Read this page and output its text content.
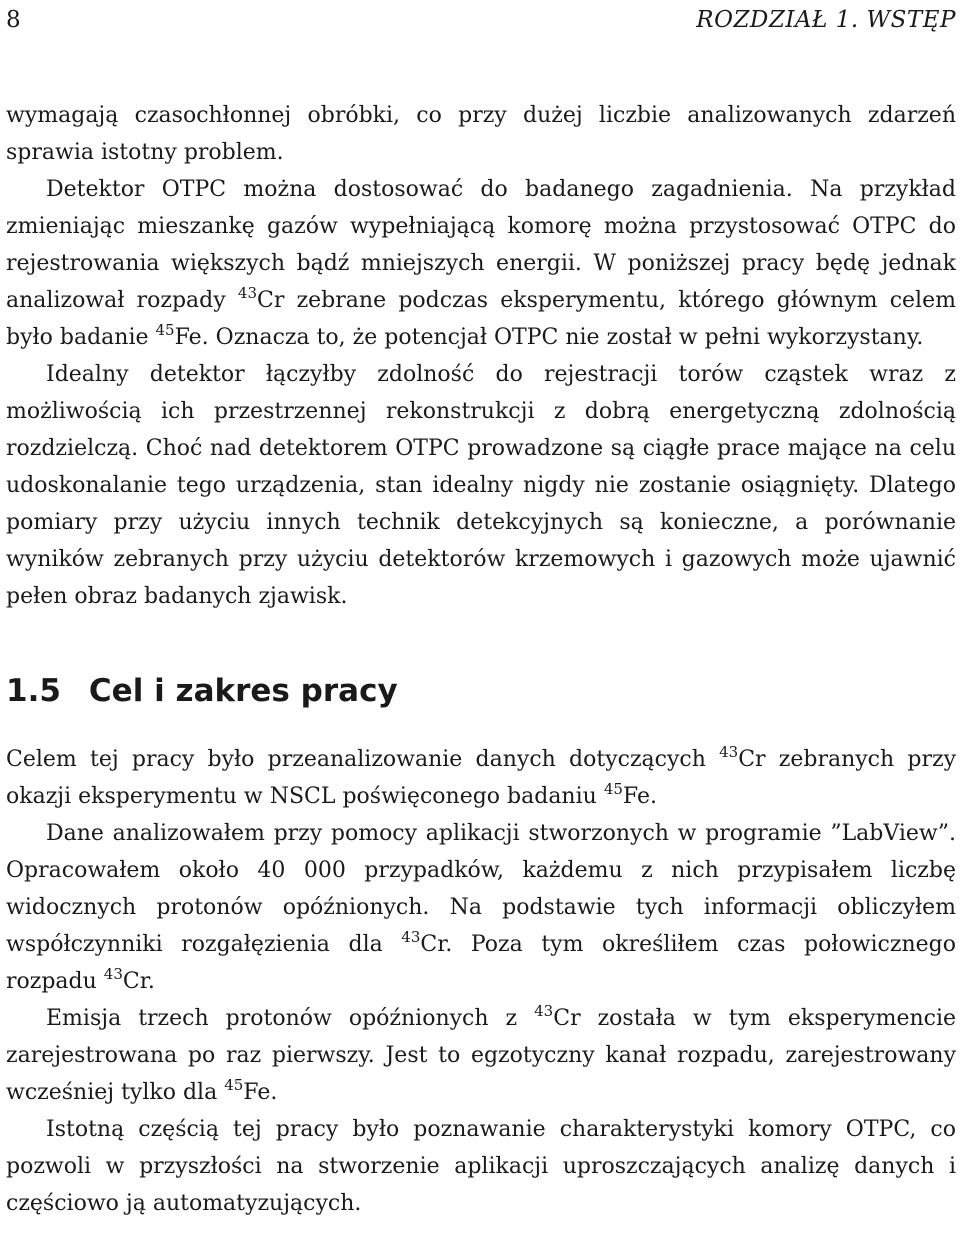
8	ROZDZIAŁ 1. WSTĘP

wymagają czasochłonnej obróbki, co przy dużej liczbie analizowanych zdarzeń sprawia istotny problem.

Detektor OTPC można dostosować do badanego zagadnienia. Na przykład zmieniając mieszankę gazów wypełniającą komorę można przystosować OTPC do rejestrowania większych bądź mniejszych energii. W poniższej pracy będę jednak analizował rozpady $^{43}$Cr zebrane podczas eksperymentu, którego głównym celem było badanie $^{45}$Fe. Oznacza to, że potencjał OTPC nie został w pełni wykorzystany.

Idealny detektor łączyłby zdolność do rejestracji torów cząstek wraz z możliwością ich przestrzennej rekonstrukcji z dobrą energetyczną zdolnością rozdzielczą. Choć nad detektorem OTPC prowadzone są ciągłe prace mające na celu udoskonalanie tego urządzenia, stan idealny nigdy nie zostanie osiągnięty. Dlatego pomiary przy użyciu innych technik detekcyjnych są konieczne, a porównanie wyników zebranych przy użyciu detektorów krzemowych i gazowych może ujawnić pełen obraz badanych zjawisk.

1.5 Cel i zakres pracy

Celem tej pracy było przeanalizowanie danych dotyczących $^{43}$Cr zebranych przy okazji eksperymentu w NSCL poświęconego badaniu $^{45}$Fe.

Dane analizowałem przy pomocy aplikacji stworzonych w programie ”LabView”. Opracowałem około 40 000 przypadków, każdemu z nich przypisałem liczbę widocznych protonów opóźnionych. Na podstawie tych informacji obliczyłem współczynniki rozgałęzienia dla $^{43}$Cr. Poza tym określiłem czas połowicznego rozpadu $^{43}$Cr.

Emisja trzech protonów opóźnionych z $^{43}$Cr została w tym eksperymencie zarejestrowana po raz pierwszy. Jest to egzotyczny kanał rozpadu, zarejestrowany wcześniej tylko dla $^{45}$Fe.

Istotną częścią tej pracy było poznawanie charakterystyki komory OTPC, co pozwoli w przyszłości na stworzenie aplikacji uproszczających analizę danych i częściowo ją automatyzujących.
